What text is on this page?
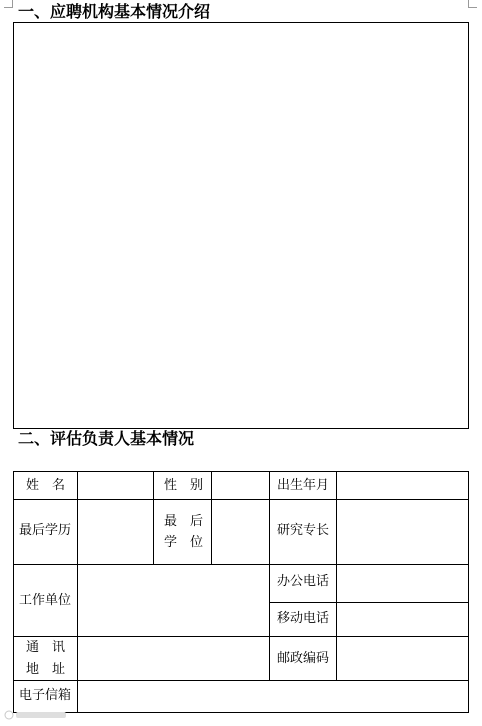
一、应聘机构基本情况介绍
二、评估负责人基本情况
姓　名	性　别	出生年月
最后学历
最　后
学　位
研究专长
工作单位
办公电话
移动电话
通　讯
地　址
邮政编码
电子信箱
